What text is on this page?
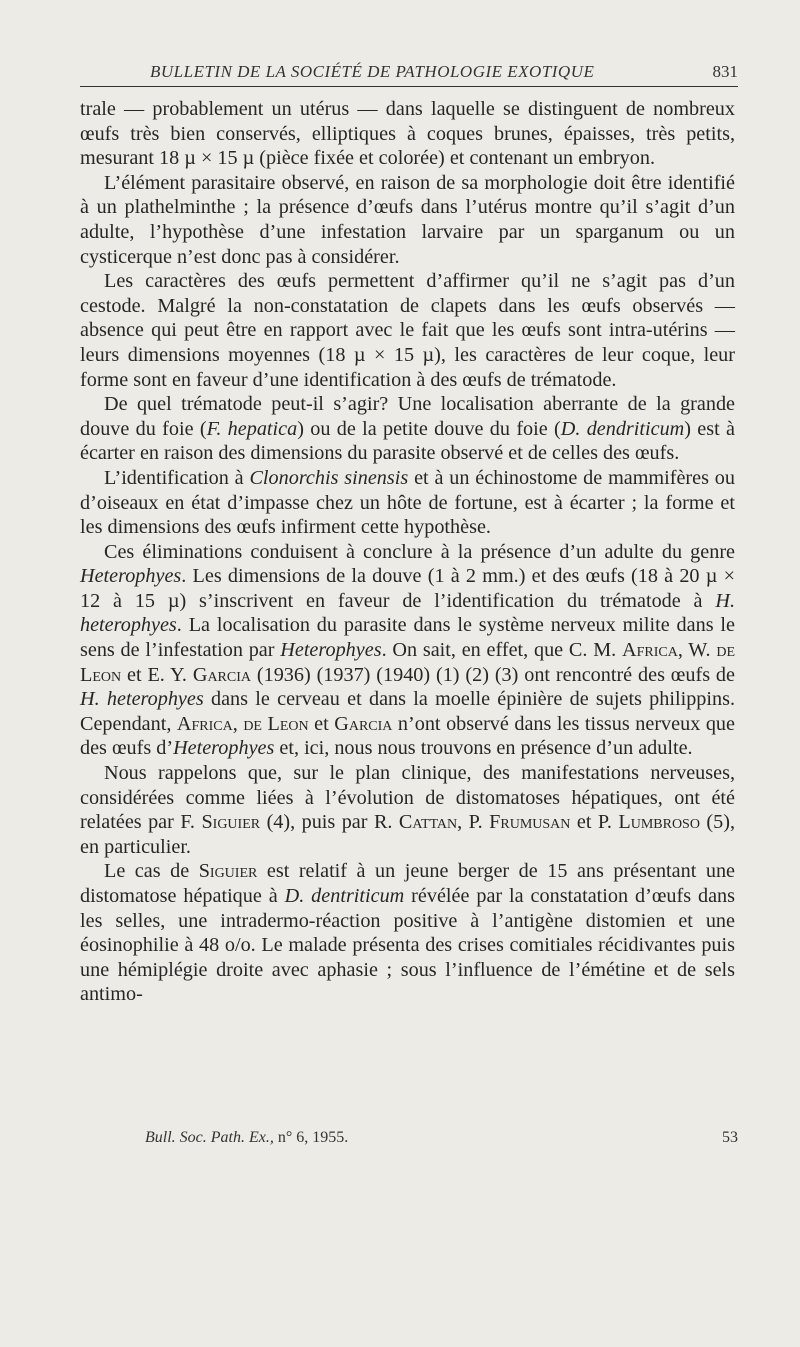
BULLETIN DE LA SOCIÉTÉ DE PATHOLOGIE EXOTIQUE	831

trale — probablement un utérus — dans laquelle se distinguent de nombreux œufs très bien conservés, elliptiques à coques brunes, épaisses, très petits, mesurant 18 µ × 15 µ (pièce fixée et colorée) et contenant un embryon.

L’élément parasitaire observé, en raison de sa morphologie doit être identifié à un plathelminthe ; la présence d’œufs dans l’utérus montre qu’il s’agit d’un adulte, l’hypothèse d’une infestation larvaire par un sparganum ou un cysticerque n’est donc pas à considérer.

Les caractères des œufs permettent d’affirmer qu’il ne s’agit pas d’un cestode. Malgré la non-constatation de clapets dans les œufs observés — absence qui peut être en rapport avec le fait que les œufs sont intra-utérins — leurs dimensions moyennes (18 µ × 15 µ), les caractères de leur coque, leur forme sont en faveur d’une identification à des œufs de trématode.

De quel trématode peut-il s’agir? Une localisation aberrante de la grande douve du foie (F. hepatica) ou de la petite douve du foie (D. dendriticum) est à écarter en raison des dimensions du parasite observé et de celles des œufs.

L’identification à Clonorchis sinensis et à un échinostome de mammifères ou d’oiseaux en état d’impasse chez un hôte de fortune, est à écarter ; la forme et les dimensions des œufs infirment cette hypothèse.

Ces éliminations conduisent à conclure à la présence d’un adulte du genre Heterophyes. Les dimensions de la douve (1 à 2 mm.) et des œufs (18 à 20 µ × 12 à 15 µ) s’inscrivent en faveur de l’identification du trématode à H. heterophyes. La localisation du parasite dans le système nerveux milite dans le sens de l’infestation par Heterophyes. On sait, en effet, que C. M. Africa, W. de Leon et E. Y. Garcia (1936) (1937) (1940) (1) (2) (3) ont rencontré des œufs de H. heterophyes dans le cerveau et dans la moelle épinière de sujets philippins. Cependant, Africa, de Leon et Garcia n’ont observé dans les tissus nerveux que des œufs d’Heterophyes et, ici, nous nous trouvons en présence d’un adulte.

Nous rappelons que, sur le plan clinique, des manifestations nerveuses, considérées comme liées à l’évolution de distomatoses hépatiques, ont été relatées par F. Siguier (4), puis par R. Cattan, P. Frumusan et P. Lumbroso (5), en particulier.

Le cas de Siguier est relatif à un jeune berger de 15 ans présentant une distomatose hépatique à D. dentriticum révélée par la constatation d’œufs dans les selles, une intradermo-réaction positive à l’antigène distomien et une éosinophilie à 48 o/o. Le malade présenta des crises comitiales récidivantes puis une hémiplégie droite avec aphasie ; sous l’influence de l’émétine et de sels antimo-

Bull. Soc. Path. Ex., n° 6, 1955.	53
